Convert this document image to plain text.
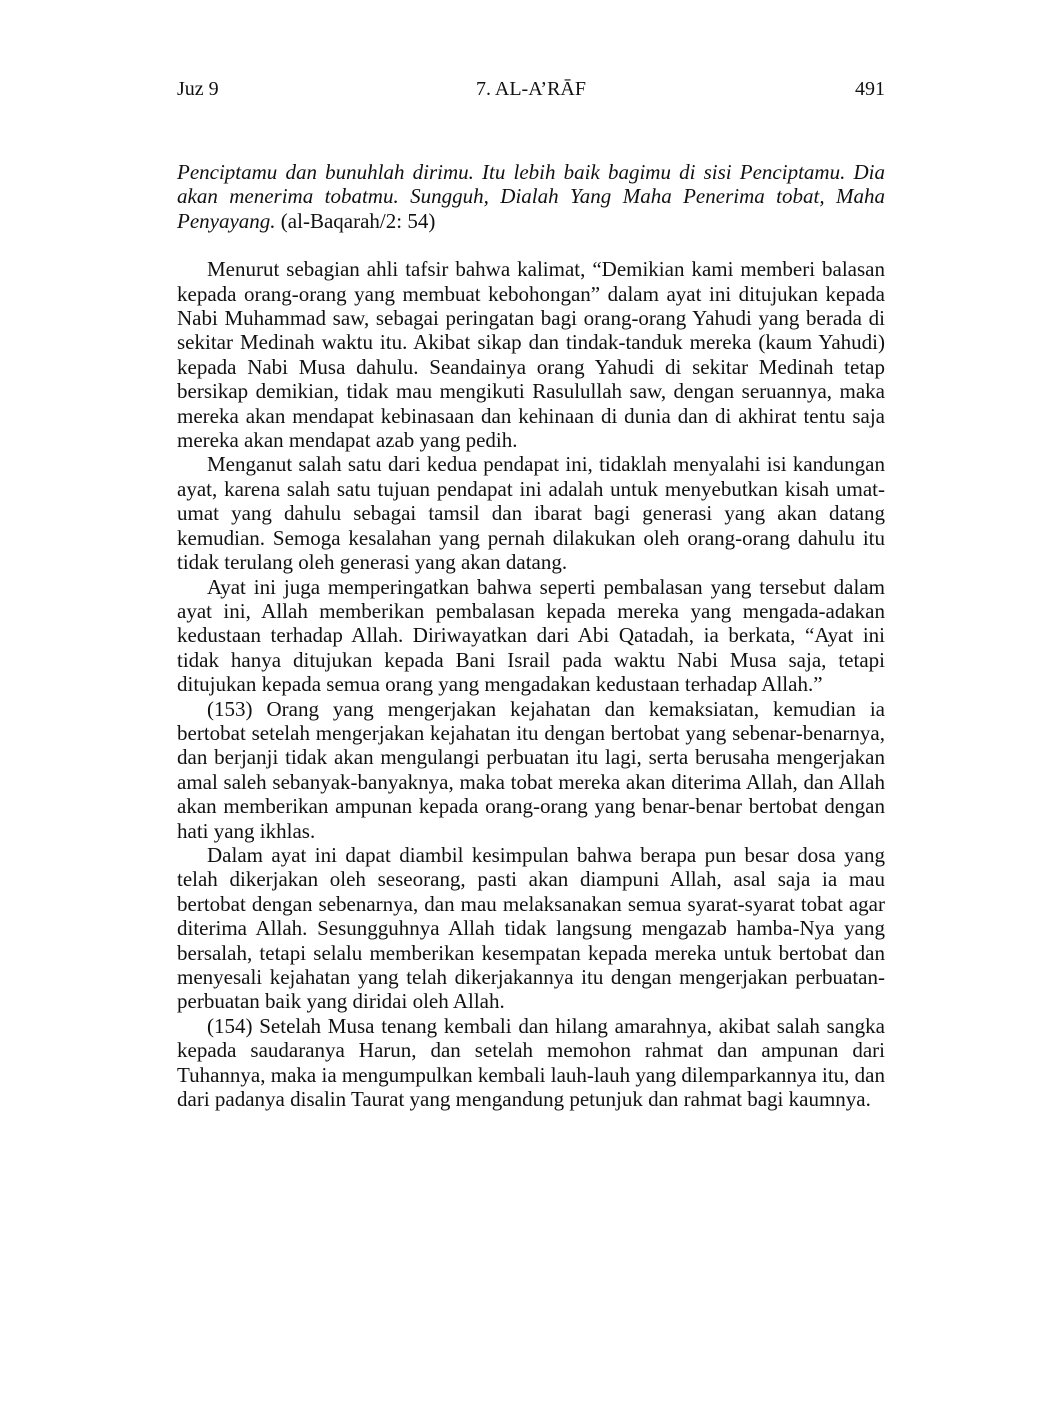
Juz 9	7. AL-A’RĀF	491

Penciptamu dan bunuhlah dirimu. Itu lebih baik bagimu di sisi Penciptamu. Dia akan menerima tobatmu. Sungguh, Dialah Yang Maha Penerima tobat, Maha Penyayang. (al-Baqarah/2: 54)

Menurut sebagian ahli tafsir bahwa kalimat, “Demikian kami memberi balasan kepada orang-orang yang membuat kebohongan” dalam ayat ini ditujukan kepada Nabi Muhammad saw, sebagai peringatan bagi orang-orang Yahudi yang berada di sekitar Medinah waktu itu. Akibat sikap dan tindak-tanduk mereka (kaum Yahudi) kepada Nabi Musa dahulu. Seandainya orang Yahudi di sekitar Medinah tetap bersikap demikian, tidak mau mengikuti Rasulullah saw, dengan seruannya, maka mereka akan mendapat kebinasaan dan kehinaan di dunia dan di akhirat tentu saja mereka akan mendapat azab yang pedih.

Menganut salah satu dari kedua pendapat ini, tidaklah menyalahi isi kandungan ayat, karena salah satu tujuan pendapat ini adalah untuk menyebutkan kisah umat-umat yang dahulu sebagai tamsil dan ibarat bagi generasi yang akan datang kemudian. Semoga kesalahan yang pernah dilakukan oleh orang-orang dahulu itu tidak terulang oleh generasi yang akan datang.

Ayat ini juga memperingatkan bahwa seperti pembalasan yang tersebut dalam ayat ini, Allah memberikan pembalasan kepada mereka yang mengada-adakan kedustaan terhadap Allah. Diriwayatkan dari Abi Qatadah, ia berkata, “Ayat ini tidak hanya ditujukan kepada Bani Israil pada waktu Nabi Musa saja, tetapi ditujukan kepada semua orang yang mengadakan kedustaan terhadap Allah.”

(153) Orang yang mengerjakan kejahatan dan kemaksiatan, kemudian ia bertobat setelah mengerjakan kejahatan itu dengan bertobat yang sebenar-benarnya, dan berjanji tidak akan mengulangi perbuatan itu lagi, serta berusaha mengerjakan amal saleh sebanyak-banyaknya, maka tobat mereka akan diterima Allah, dan Allah akan memberikan ampunan kepada orang-orang yang benar-benar bertobat dengan hati yang ikhlas.

Dalam ayat ini dapat diambil kesimpulan bahwa berapa pun besar dosa yang telah dikerjakan oleh seseorang, pasti akan diampuni Allah, asal saja ia mau bertobat dengan sebenarnya, dan mau melaksanakan semua syarat-syarat tobat agar diterima Allah. Sesungguhnya Allah tidak langsung mengazab hamba-Nya yang bersalah, tetapi selalu memberikan kesempatan kepada mereka untuk bertobat dan menyesali kejahatan yang telah dikerjakannya itu dengan mengerjakan perbuatan-perbuatan baik yang diridai oleh Allah.

(154) Setelah Musa tenang kembali dan hilang amarahnya, akibat salah sangka kepada saudaranya Harun, dan setelah memohon rahmat dan ampunan dari Tuhannya, maka ia mengumpulkan kembali lauh-lauh yang dilemparkannya itu, dan dari padanya disalin Taurat yang mengandung petunjuk dan rahmat bagi kaumnya.
